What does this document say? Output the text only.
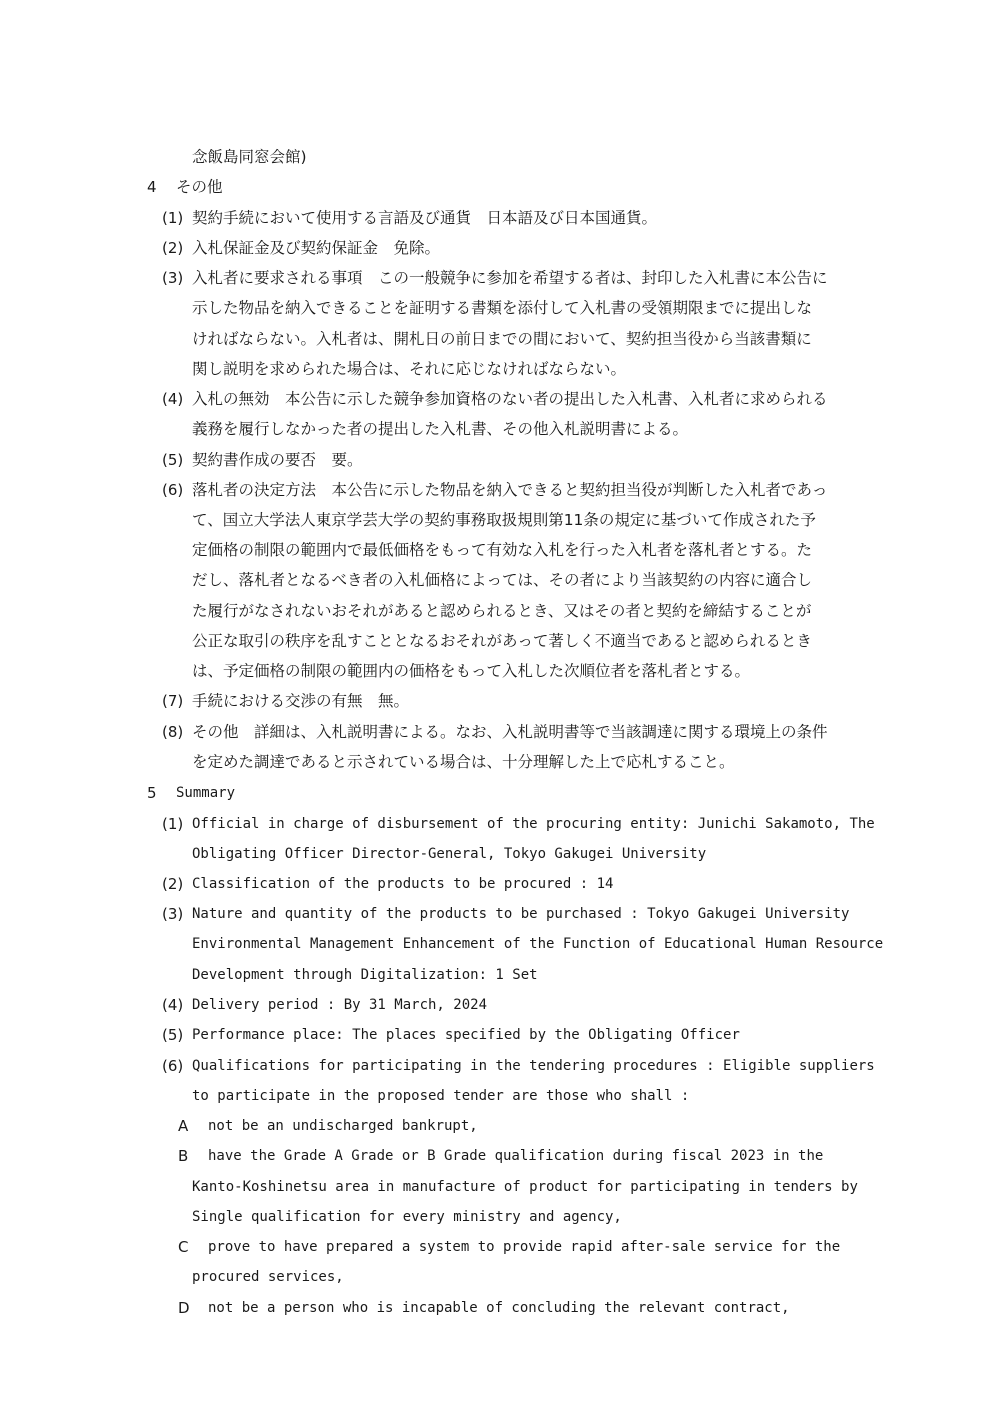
念飯島同窓会館)
4 その他
(1) 契約手続において使用する言語及び通貨　日本語及び日本国通貨。
(2) 入札保証金及び契約保証金　免除。
(3) 入札者に要求される事項　この一般競争に参加を希望する者は、封印した入札書に本公告に
示した物品を納入できることを証明する書類を添付して入札書の受領期限までに提出しな
ければならない。入札者は、開札日の前日までの間において、契約担当役から当該書類に
関し説明を求められた場合は、それに応じなければならない。
(4) 入札の無効　本公告に示した競争参加資格のない者の提出した入札書、入札者に求められる
義務を履行しなかった者の提出した入札書、その他入札説明書による。
(5) 契約書作成の要否　要。
(6) 落札者の決定方法　本公告に示した物品を納入できると契約担当役が判断した入札者であっ
て、国立大学法人東京学芸大学の契約事務取扱規則第11条の規定に基づいて作成された予
定価格の制限の範囲内で最低価格をもって有効な入札を行った入札者を落札者とする。た
だし、落札者となるべき者の入札価格によっては、その者により当該契約の内容に適合し
た履行がなされないおそれがあると認められるとき、又はその者と契約を締結することが
公正な取引の秩序を乱すこととなるおそれがあって著しく不適当であると認められるとき
は、予定価格の制限の範囲内の価格をもって入札した次順位者を落札者とする。
(7) 手続における交渉の有無　無。
(8) その他　詳細は、入札説明書による。なお、入札説明書等で当該調達に関する環境上の条件
を定めた調達であると示されている場合は、十分理解した上で応札すること。
5 Summary
(1) Official in charge of disbursement of the procuring entity: Junichi Sakamoto, The
Obligating Officer Director-General, Tokyo Gakugei University
(2) Classification of the products to be procured : 14
(3) Nature and quantity of the products to be purchased : Tokyo Gakugei University
Environmental Management Enhancement of the Function of Educational Human Resource
Development through Digitalization: 1 Set
(4) Delivery period : By 31 March, 2024
(5) Performance place: The places specified by the Obligating Officer
(6) Qualifications for participating in the tendering procedures : Eligible suppliers
to participate in the proposed tender are those who shall :
A not be an undischarged bankrupt,
B have the Grade A Grade or B Grade qualification during fiscal 2023 in the
Kanto-Koshinetsu area in manufacture of product for participating in tenders by
Single qualification for every ministry and agency,
C prove to have prepared a system to provide rapid after-sale service for the
procured services,
D not be a person who is incapable of concluding the relevant contract,
